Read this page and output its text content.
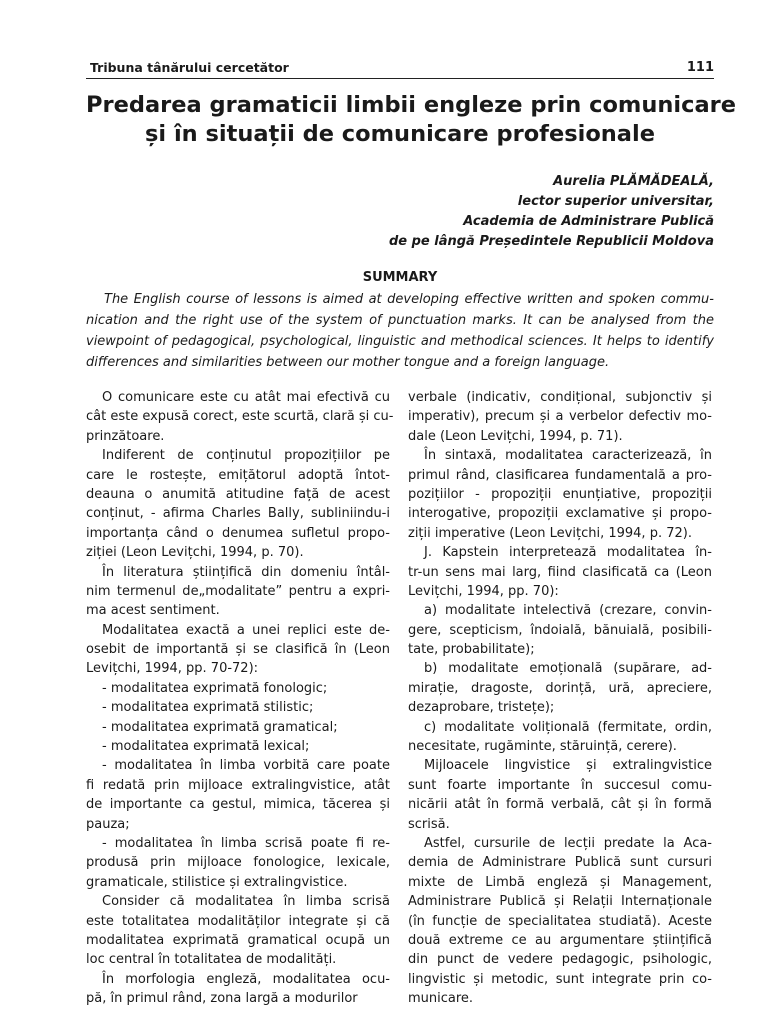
Tribuna tânărului cercetător	111
Predarea gramaticii limbii engleze prin comunicare
și în situații de comunicare profesionale
Aurelia PLĂMĂDEALĂ,
lector superior universitar,
Academia de Administrare Publică
de pe lângă Președintele Republicii Moldova
SUMMARY
The English course of lessons is aimed at developing effective written and spoken commu-
nication and the right use of the system of punctuation marks. It can be analysed from the
viewpoint of pedagogical, psychological, linguistic and methodical sciences. It helps to identify
differences and similarities between our mother tongue and a foreign language.
O comunicare este cu atât mai efectivă cu
cât este expusă corect, este scurtă, clară și cu-
prinzătoare.
Indiferent de conținutul propozițiilor pe
care le rostește, emițătorul adoptă întot-
deauna o anumită atitudine față de acest
conținut, - afirma Charles Bally, subliniindu-i
importanța când o denumea sufletul propo-
ziției (Leon Levițchi, 1994, p. 70).
În literatura științifică din domeniu întâl-
nim termenul de„modalitate” pentru a expri-
ma acest sentiment.
Modalitatea exactă a unei replici este de-
osebit de importantă și se clasifică în (Leon
Levițchi, 1994, pp. 70-72):
- modalitatea exprimată fonologic;
- modalitatea exprimată stilistic;
- modalitatea exprimată gramatical;
- modalitatea exprimată lexical;
- modalitatea în limba vorbită care poate
fi redată prin mijloace extralingvistice, atât
de importante ca gestul, mimica, tăcerea și
pauza;
- modalitatea în limba scrisă poate fi re-
produsă prin mijloace fonologice, lexicale,
gramaticale, stilistice și extralingvistice.
Consider că modalitatea în limba scrisă
este totalitatea modalităților integrate și că
modalitatea exprimată gramatical ocupă un
loc central în totalitatea de modalități.
În morfologia engleză, modalitatea ocu-
pă, în primul rând, zona largă a modurilor
verbale (indicativ, condițional, subjonctiv și
imperativ), precum și a verbelor defectiv mo-
dale (Leon Levițchi, 1994, p. 71).
În sintaxă, modalitatea caracterizează, în
primul rând, clasificarea fundamentală a pro-
pozițiilor - propoziții enunțiative, propoziții
interogative, propoziții exclamative și propo-
ziții imperative (Leon Levițchi, 1994, p. 72).
J. Kapstein interpretează modalitatea în-
tr-un sens mai larg, fiind clasificată ca (Leon
Levițchi, 1994, pp. 70):
a) modalitate intelectivă (crezare, convin-
gere, scepticism, îndoială, bănuială, posibili-
tate, probabilitate);
b) modalitate emoțională (supărare, ad-
mirație, dragoste, dorință, ură, apreciere,
dezaprobare, tristețe);
c) modalitate volițională (fermitate, ordin,
necesitate, rugăminte, stăruință, cerere).
Mijloacele lingvistice și extralingvistice
sunt foarte importante în succesul comu-
nicării atât în formă verbală, cât și în formă
scrisă.
Astfel, cursurile de lecții predate la Aca-
demia de Administrare Publică sunt cursuri
mixte de Limbă engleză și Management,
Administrare Publică și Relații Internaționale
(în funcție de specialitatea studiată). Aceste
două extreme ce au argumentare științifică
din punct de vedere pedagogic, psihologic,
lingvistic și metodic, sunt integrate prin co-
municare.
